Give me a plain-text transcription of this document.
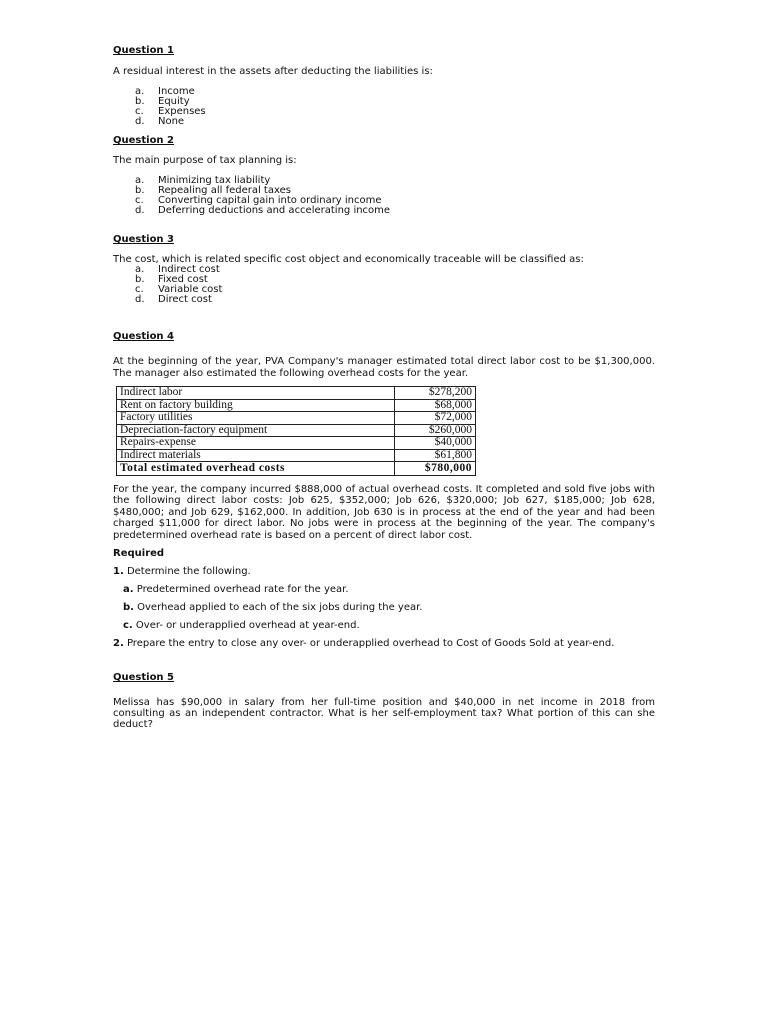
Question 1

A residual interest in the assets after deducting the liabilities is:

a.	Income
b.	Equity
c.	Expenses
d.	None
Question 2

The main purpose of tax planning is:

a.	Minimizing tax liability
b.	Repealing all federal taxes
c.	Converting capital gain into ordinary income
d.	Deferring deductions and accelerating income
Question 3

The cost, which is related specific cost object and economically traceable will be classified as:

a.	Indirect cost
b.	Fixed cost
c.	Variable cost
d.	Direct cost
Question 4

At the beginning of the year, PVA Company's manager estimated total direct labor cost to be $1,300,000. The manager also estimated the following overhead costs for the year.

Indirect labor	$278,200
Rent on factory building	$68,000
Factory utilities	$72,000
Depreciation-factory equipment	$260,000
Repairs-expense	$40,000
Indirect materials	$61,800
Total estimated overhead costs	$780,000

For the year, the company incurred $888,000 of actual overhead costs. It completed and sold five jobs with the following direct labor costs: Job 625, $352,000; Job 626, $320,000; Job 627, $185,000; Job 628, $480,000; and Job 629, $162,000. In addition, Job 630 is in process at the end of the year and had been charged $11,000 for direct labor. No jobs were in process at the beginning of the year. The company's predetermined overhead rate is based on a percent of direct labor cost.

Required
1. Determine the following.
a. Predetermined overhead rate for the year.
b. Overhead applied to each of the six jobs during the year.
c. Over- or underapplied overhead at year-end.
2. Prepare the entry to close any over- or underapplied overhead to Cost of Goods Sold at year-end.
Question 5

Melissa has $90,000 in salary from her full-time position and $40,000 in net income in 2018 from consulting as an independent contractor. What is her self-employment tax? What portion of this can she deduct?
